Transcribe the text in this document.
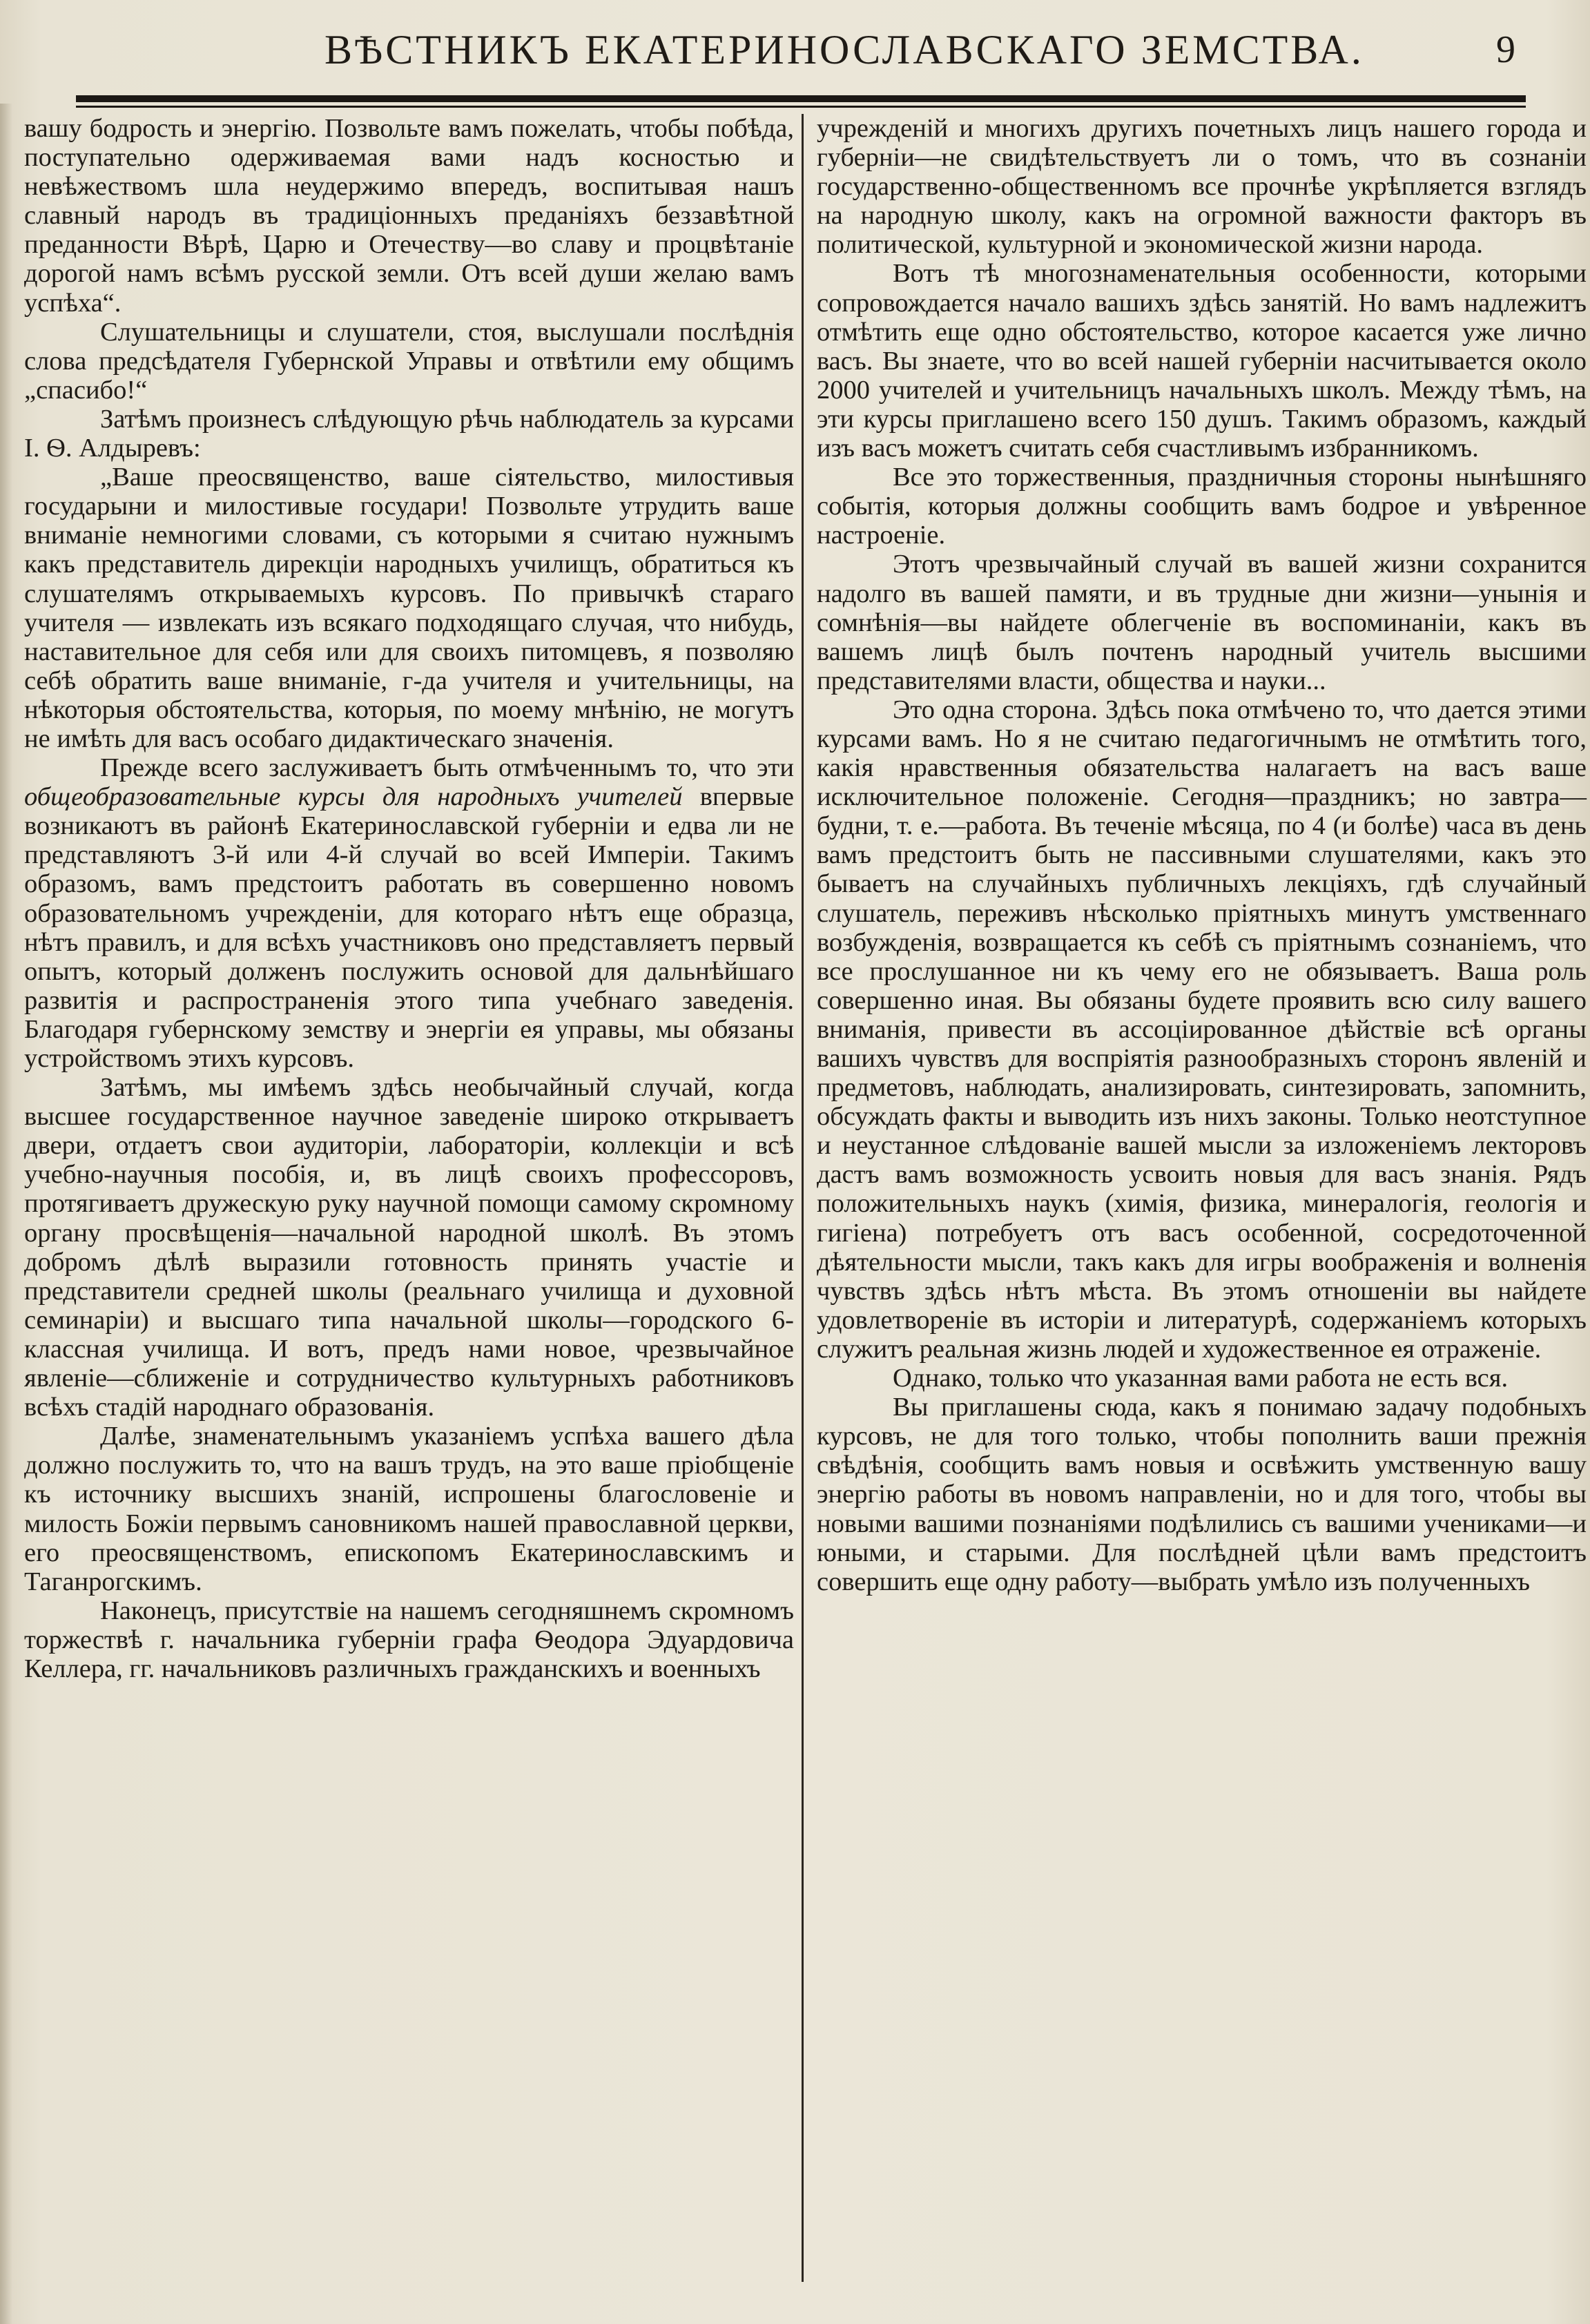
ВѢСТНИКЪ ЕКАТЕРИНОСЛАВСКАГО ЗЕМСТВА.	9

вашу бодрость и энергію. Позвольте вамъ пожелать, чтобы побѣда, поступательно одерживаемая вами надъ косностью и невѣжествомъ шла неудержимо впередъ, воспитывая нашъ славный народъ въ традиціонныхъ преданіяхъ беззавѣтной преданности Вѣрѣ, Царю и Отечеству—во славу и процвѣтаніе дорогой намъ всѣмъ русской земли. Отъ всей души желаю вамъ успѣха“.

Слушательницы и слушатели, стоя, выслушали послѣднія слова предсѣдателя Губернской Управы и отвѣтили ему общимъ „спасибо!“

Затѣмъ произнесъ слѣдующую рѣчь наблюдатель за курсами I. Ѳ. Алдыревъ:

„Ваше преосвященство, ваше сіятельство, милостивыя государыни и милостивые государи! Позвольте утрудить ваше вниманіе немногими словами, съ которыми я считаю нужнымъ какъ представитель дирекціи народныхъ училищъ, обратиться къ слушателямъ открываемыхъ курсовъ. По привычкѣ стараго учителя — извлекать изъ всякаго подходящаго случая, что нибудь, наставительное для себя или для своихъ питомцевъ, я позволяю себѣ обратить ваше вниманіе, г-да учителя и учительницы, на нѣкоторыя обстоятельства, которыя, по моему мнѣнію, не могутъ не имѣть для васъ особаго дидактическаго значенія.

Прежде всего заслуживаетъ быть отмѣченнымъ то, что эти общеобразовательные курсы для народныхъ учителей впервые возникаютъ въ районѣ Екатеринославской губерніи и едва ли не представляютъ 3-й или 4-й случай во всей Имперіи. Такимъ образомъ, вамъ предстоитъ работать въ совершенно новомъ образовательномъ учрежденіи, для котораго нѣтъ еще образца, нѣтъ правилъ, и для всѣхъ участниковъ оно представляетъ первый опытъ, который долженъ послужить основой для дальнѣйшаго развитія и распространенія этого типа учебнаго заведенія. Благодаря губернскому земству и энергіи ея управы, мы обязаны устройствомъ этихъ курсовъ.

Затѣмъ, мы имѣемъ здѣсь необычайный случай, когда высшее государственное научное заведеніе широко открываетъ двери, отдаетъ свои аудиторіи, лабораторіи, коллекціи и всѣ учебно-научныя пособія, и, въ лицѣ своихъ профессоровъ, протягиваетъ дружескую руку научной помощи самому скромному органу просвѣщенія—начальной народной школѣ. Въ этомъ добромъ дѣлѣ выразили готовность принять участіе и представители средней школы (реальнаго училища и духовной семинаріи) и высшаго типа начальной школы—городского 6-классная училища. И вотъ, предъ нами новое, чрезвычайное явленіе—сближеніе и сотрудничество культурныхъ работниковъ всѣхъ стадій народнаго образованія.

Далѣе, знаменательнымъ указаніемъ успѣха вашего дѣла должно послужить то, что на вашъ трудъ, на это ваше пріобщеніе къ источнику высшихъ знаній, испрошены благословеніе и милость Божіи первымъ сановникомъ нашей православной церкви, его преосвященствомъ, епископомъ Екатеринославскимъ и Таганрогскимъ.

Наконецъ, присутствіе на нашемъ сегодняшнемъ скромномъ торжествѣ г. начальника губерніи графа Ѳеодора Эдуардовича Келлера, гг. начальниковъ различныхъ гражданскихъ и военныхъ

учрежденій и многихъ другихъ почетныхъ лицъ нашего города и губерніи—не свидѣтельствуетъ ли о томъ, что въ сознаніи государственно-общественномъ все прочнѣе укрѣпляется взглядъ на народную школу, какъ на огромной важности факторъ въ политической, культурной и экономической жизни народа.

Вотъ тѣ многознаменательныя особенности, которыми сопровождается начало вашихъ здѣсь занятій. Но вамъ надлежитъ отмѣтить еще одно обстоятельство, которое касается уже лично васъ. Вы знаете, что во всей нашей губерніи насчитывается около 2000 учителей и учительницъ начальныхъ школъ. Между тѣмъ, на эти курсы приглашено всего 150 душъ. Такимъ образомъ, каждый изъ васъ можетъ считать себя счастливымъ избранникомъ.

Все это торжественныя, праздничныя стороны нынѣшняго событія, которыя должны сообщить вамъ бодрое и увѣренное настроеніе.

Этотъ чрезвычайный случай въ вашей жизни сохранится надолго въ вашей памяти, и въ трудные дни жизни—унынія и сомнѣнія—вы найдете облегченіе въ воспоминаніи, какъ въ вашемъ лицѣ былъ почтенъ народный учитель высшими представителями власти, общества и науки...

Это одна сторона. Здѣсь пока отмѣчено то, что дается этими курсами вамъ. Но я не считаю педагогичнымъ не отмѣтить того, какія нравственныя обязательства налагаетъ на васъ ваше исключительное положеніе. Сегодня—праздникъ; но завтра—будни, т. е.—работа. Въ теченіе мѣсяца, по 4 (и болѣе) часа въ день вамъ предстоитъ быть не пассивными слушателями, какъ это бываетъ на случайныхъ публичныхъ лекціяхъ, гдѣ случайный слушатель, переживъ нѣсколько пріятныхъ минутъ умственнаго возбужденія, возвращается къ себѣ съ пріятнымъ сознаніемъ, что все прослушанное ни къ чему его не обязываетъ. Ваша роль совершенно иная. Вы обязаны будете проявить всю силу вашего вниманія, привести въ ассоціированное дѣйствіе всѣ органы вашихъ чувствъ для воспріятія разнообразныхъ сторонъ явленій и предметовъ, наблюдать, анализировать, синтезировать, запомнить, обсуждать факты и выводить изъ нихъ законы. Только неотступное и неустанное слѣдованіе вашей мысли за изложеніемъ лекторовъ дастъ вамъ возможность усвоить новыя для васъ знанія. Рядъ положительныхъ наукъ (химія, физика, минералогія, геологія и гигіена) потребуетъ отъ васъ особенной, сосредоточенной дѣятельности мысли, такъ какъ для игры воображенія и волненія чувствъ здѣсь нѣтъ мѣста. Въ этомъ отношеніи вы найдете удовлетвореніе въ исторіи и литературѣ, содержаніемъ которыхъ служитъ реальная жизнь людей и художественное ея отраженіе.

Однако, только что указанная вами работа не есть вся.

Вы приглашены сюда, какъ я понимаю задачу подобныхъ курсовъ, не для того только, чтобы пополнить ваши прежнія свѣдѣнія, сообщить вамъ новыя и освѣжить умственную вашу энергію работы въ новомъ направленіи, но и для того, чтобы вы новыми вашими познаніями подѣлились съ вашими учениками—и юными, и старыми. Для послѣдней цѣли вамъ предстоитъ совершить еще одну работу—выбрать умѣло изъ полученныхъ
